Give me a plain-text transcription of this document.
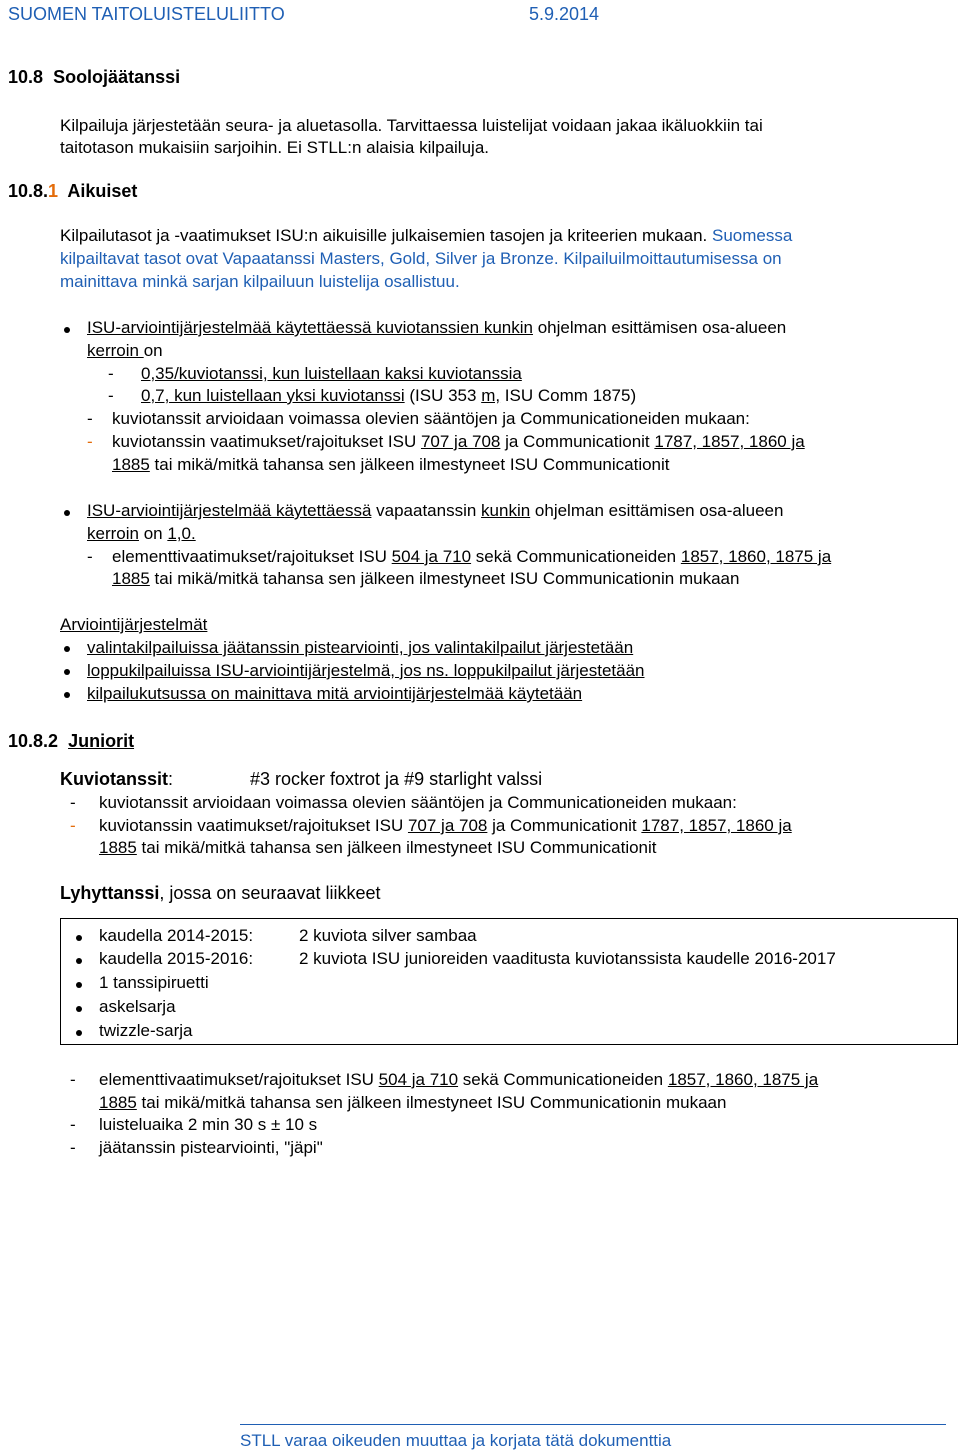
SUOMEN TAITOLUISTELULIITTO	5.9.2014
10.8 Soolojäätanssi
Kilpailuja järjestetään seura- ja aluetasolla. Tarvittaessa luistelijat voidaan jakaa ikäluokkiin tai
taitotason mukaisiin sarjoihin. Ei STLL:n alaisia kilpailuja.
10.8.1 Aikuiset
Kilpailutasot ja -vaatimukset ISU:n aikuisille julkaisemien tasojen ja kriteerien mukaan. Suomessa
kilpailtavat tasot ovat Vapaatanssi Masters, Gold, Silver ja Bronze. Kilpailuilmoittautumisessa on
mainittava minkä sarjan kilpailuun luistelija osallistuu.
ISU-arviointijärjestelmää käytettäessä kuviotanssien kunkin ohjelman esittämisen osa-alueen
kerroin on
- 0,35/kuviotanssi, kun luistellaan kaksi kuviotanssia
- 0,7, kun luistellaan yksi kuviotanssi (ISU 353 m, ISU Comm 1875)
- kuviotanssit arvioidaan voimassa olevien sääntöjen ja Communicationeiden mukaan:
- kuviotanssin vaatimukset/rajoitukset ISU 707 ja 708 ja Communicationit 1787, 1857, 1860 ja
1885 tai mikä/mitkä tahansa sen jälkeen ilmestyneet ISU Communicationit
ISU-arviointijärjestelmää käytettäessä vapaatanssin kunkin ohjelman esittämisen osa-alueen
kerroin on 1,0.
- elementtivaatimukset/rajoitukset ISU 504 ja 710 sekä Communicationeiden 1857, 1860, 1875 ja
1885 tai mikä/mitkä tahansa sen jälkeen ilmestyneet ISU Communicationin mukaan
Arviointijärjestelmät
valintakilpailuissa jäätanssin pistearviointi, jos valintakilpailut järjestetään
loppukilpailuissa ISU-arviointijärjestelmä, jos ns. loppukilpailut järjestetään
kilpailukutsussa on mainittava mitä arviointijärjestelmää käytetään
10.8.2 Juniorit
Kuviotanssit:	#3 rocker foxtrot ja #9 starlight valssi
- kuviotanssit arvioidaan voimassa olevien sääntöjen ja Communicationeiden mukaan:
- kuviotanssin vaatimukset/rajoitukset ISU 707 ja 708 ja Communicationit 1787, 1857, 1860 ja
1885 tai mikä/mitkä tahansa sen jälkeen ilmestyneet ISU Communicationit
Lyhyttanssi, jossa on seuraavat liikkeet
kaudella 2014-2015:	2 kuviota silver sambaa
kaudella 2015-2016:	2 kuviota ISU junioreiden vaaditusta kuviotanssista kaudelle 2016-2017
1 tanssipiruetti
askelsarja
twizzle-sarja
- elementtivaatimukset/rajoitukset ISU 504 ja 710 sekä Communicationeiden 1857, 1860, 1875 ja
1885 tai mikä/mitkä tahansa sen jälkeen ilmestyneet ISU Communicationin mukaan
- luisteluaika 2 min 30 s ± 10 s
- jäätanssin pistearviointi, "jäpi"
STLL varaa oikeuden muuttaa ja korjata tätä dokumenttia
